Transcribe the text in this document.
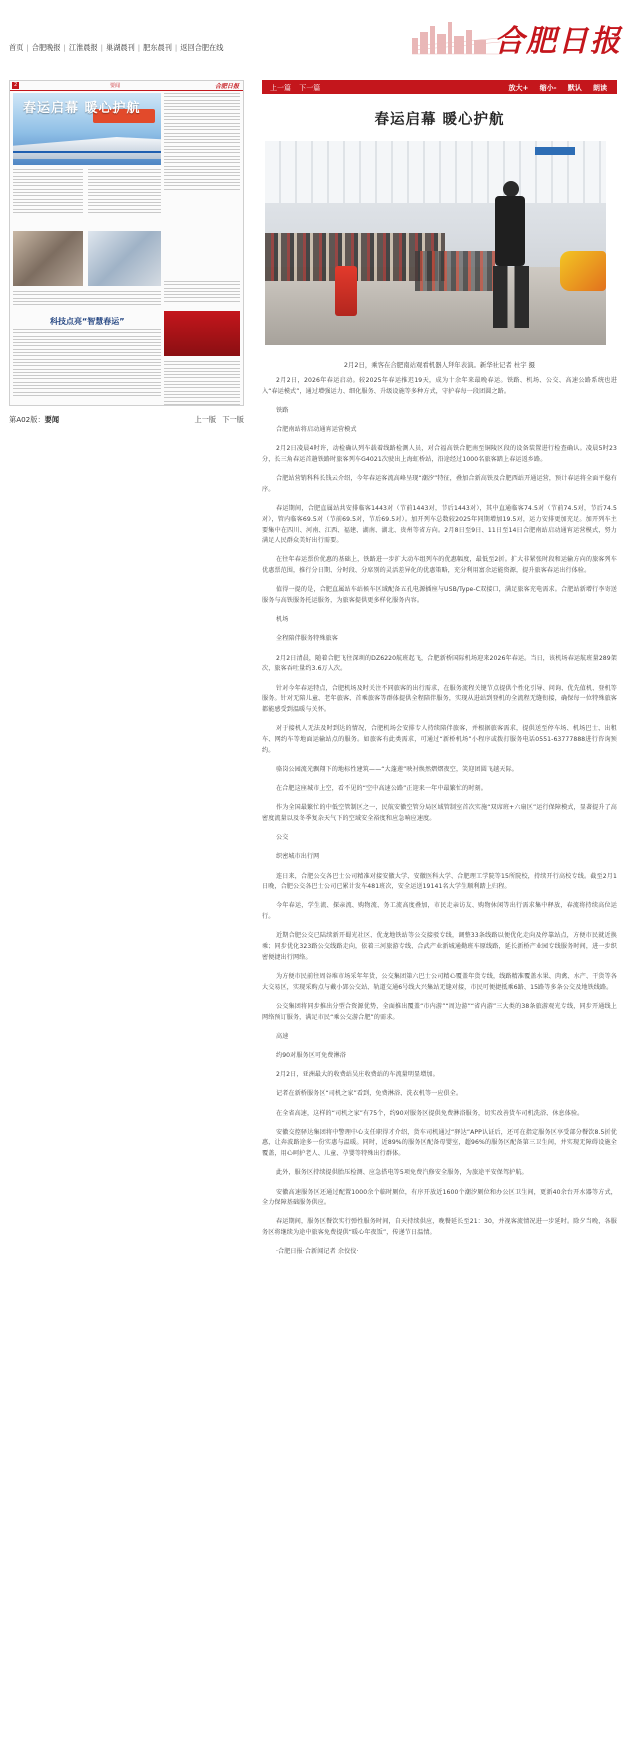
首页 | 合肥晚报 | 江淮晨报 | 巢湖晨刊 | 肥东晨刊 | 返回合肥在线	合肥日报
2	要闻	合肥日报
春运启幕 暖心护航
科技点亮“智慧春运”
第A02版：要闻	上一版 下一版
上一篇 下一篇	放大+ 缩小- 默认 朗读
春运启幕 暖心护航

2月2日，乘客在合肥南站观看机器人拜年表演。新华社记者 杜宇 摄

2月2日，2026年春运启动。较2025年春运推迟19天，成为十余年来最晚春运。铁路、机场、公交、高速公路系统也进入“春运模式”，通过增强运力、细化服务、升级设施等多种方式，守护春每一段团圆之路。

铁路

合肥南站将启动通宵运营模式

2月2日凌晨4时许，动检确认列车载着线路检测人员，对合福高铁合肥南至铜陵区段的设备装置进行检查确认。凌晨5时23分，长三角春运首趟铁路时旅客列车G4021次驶出上海虹桥站，沿途经过1000名旅客踏上春运返乡路。

合肥站营销科科长钱云介绍，今年春运客流高峰呈现“潮汐”特征，叠加合新高铁及合肥西站开通运营，预计春运将全面平稳有序。

春运期间，合肥直属站共安排临客1443对（节前1443对，节后1443对），其中直通临客74.5对（节前74.5对，节后74.5对），管内临客69.5对（节前69.5对，节后69.5对）。加开列车总数较2025年同期增加19.5对，运力安排更加充足。加开列车主要集中在四川、河南、江西、福建、湖南、湖北、贵州等省方向。2月8日至9日、11日至14日合肥南站启动通宵运营模式，努力满足人民群众美好出行需要。

在往年春运票价优惠的基础上，铁路进一步扩大动车组列车的优惠幅度，最低至2折。扩大非紧张时段和运输方向的旅客列车优惠票范围，推行分日期、分时段、分席别的灵活差异化的优惠策略，充分利用富余运能资源，提升旅客春运出行体验。

值得一提的是，合肥直属站车站候车区域配备五孔电源插座与USB/Type-C双接口，满足旅客充电需求。合肥站新增行李寄送服务与高铁服务托运服务，为旅客提供更多样化服务内容。

机场

全程陪伴服务特殊旅客

2月2日清晨，随着合肥飞往深圳的DZ6220航班起飞，合肥新桥国际机场迎来2026年春运。当日，该机场春运航班量289架次，旅客吞吐量约3.6万人次。

针对今年春运特点，合肥机场及时关注不同旅客的出行需求，在服务流程关键节点提供个性化引导、问询、优先值机、登机等服务。针对无陪儿童、老年旅客、首乘旅客等群体提供全程陪伴服务，实现从进站到登机的全流程无缝衔接，确保每一位特殊旅客都能感受到温暖与关怀。

对于接机人无法及时到达的情况，合肥机场会安排专人持续陪伴旅客，并根据旅客需求，提供送至停车场、机场巴士、出租车、网约车等地面运输站点的服务。如旅客有此类需求，可通过“新桥机场”小程序或拨打服务电话0551-63777888进行咨询预约。

骆岗公园流光飘翔下的地标性建筑——“大蓬莲”映衬焕然熠熠夜空，笑迎团圆飞越天际。

在合肥这座城市上空，看不见的“空中高速公路”正迎来一年中最繁忙的时刻。

作为全国最繁忙的中低空管制区之一，民航安徽空管分局区域管制室首次实施“双席班+六扇区”运行保障模式，显著提升了高密度流量以及冬季复杂天气下的空域安全裕度和应急响应速度。

公交

织密城市出行网

连日来，合肥公交各巴士公司精准对接安徽大学、安徽医科大学、合肥理工学院等15所院校，持续开行高校专线。截至2月1日晚，合肥公交各巴士公司已累计发车481班次，安全运送19141名大学生顺利踏上归程。

今年春运，学生流、探亲流、购物流、务工流高度叠加，市民走亲访友、购物休闲等出行需求集中释放，春流将持续高位运行。

近期合肥公交已陆续新开蜀光社区、优龙地铁站等公交接驳专线，调整33条线路以便优化走向及停靠站点，方便市民就近换乘；同步优化323路公交线路走向，依着三河旅游专线、合武产业新城通勤班车原线路，延长新桥产业园专线服务时间，进一步织密便捷出行网络。

为方便市民前往周谷堆市场采年年货，公交集团第六巴士公司精心覆盖年货专线，线路精准覆盖水果、肉禽、水产、干货等各大交易区，实现采购点与戴小郢公交站、轨道交通6号线大兴集站无缝对接，市民可便捷抵乘6路、15路等多条公交及地铁线路。

公交集团将同步推出分型合资源优势，全面推出覆盖“市内游”“周边游”“省内游”三大类的38条旅游观光专线，同步开通线上网络预订服务，满足市民“乘公交游合肥”的需求。

高速

约90对服务区可免费淋浴

2月2日，亚洲最大的收费站吴庄收费站的车流量明显增加。

记者在新桥服务区“司机之家”看到，免费淋浴、洗衣机等一应俱全。

在全省高速，这样的“司机之家”有75个，约90对服务区提供免费淋浴服务，切实改善货车司机洗浴、休息体验。

安徽交控驿达集团将中警理中心支任职得才介绍，货车司机通过“驿达”APP认证后，还可在指定服务区享受部分餐饮8.5折优惠，让奔波路途多一份实惠与温暖。同时，近89%的服务区配备母婴室，超96%的服务区配备第三卫生间，并实现无障碍设施全覆盖，用心呵护老人、儿童、孕婴等特殊出行群体。

此外，服务区持续提供胎压检测、应急搭电等5项免费汽修安全服务，为旅途平安保驾护航。

安徽高速服务区还通过配置1000余个临时厕位，有序开放近1600个潮汐厕位和办公区卫生间，更新40余台开水器等方式，全力保障基础服务供应。

春运期间，服务区餐饮实行弹性服务时间，自天持续供应，晚餐延长至21：30，并视客流情况进一步延时。除夕当晚，各服务区将继续为途中旅客免费提供“暖心年夜饭”，传递节日温情。

·合肥日报·合新闻记者 余佼佼·
